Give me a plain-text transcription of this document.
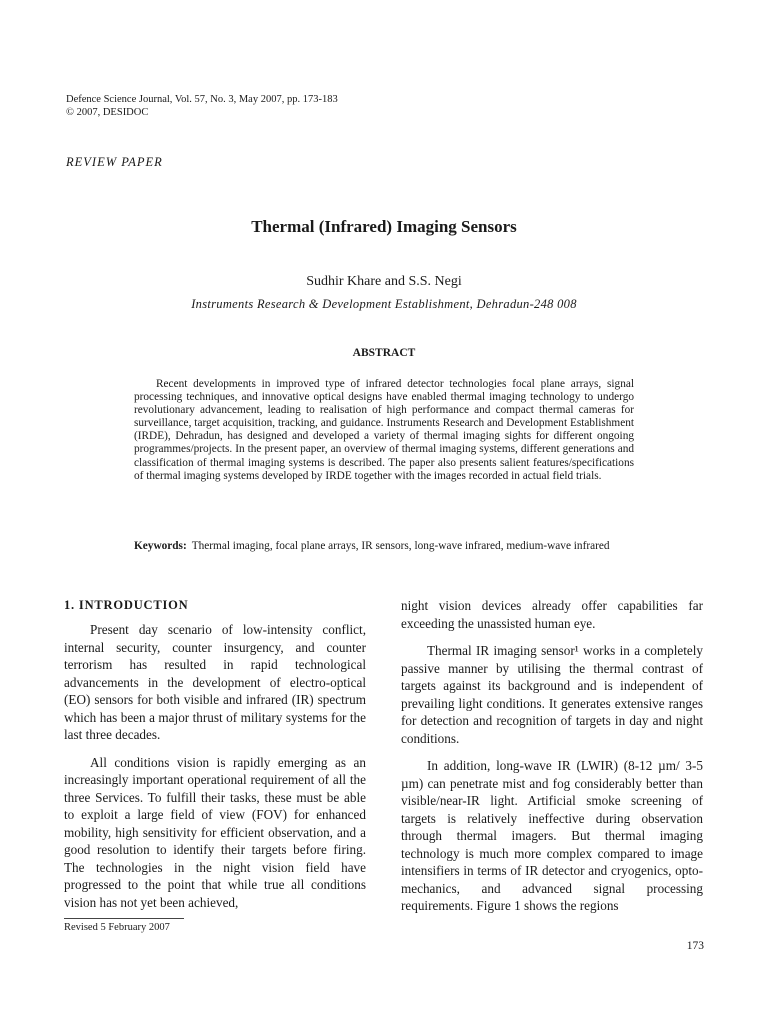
Defence Science Journal, Vol. 57, No. 3, May 2007, pp. 173-183
© 2007, DESIDOC
REVIEW PAPER
Thermal (Infrared) Imaging Sensors
Sudhir Khare and S.S. Negi
Instruments Research & Development Establishment, Dehradun-248 008
ABSTRACT

Recent developments in improved type of infrared detector technologies focal plane arrays, signal processing techniques, and innovative optical designs have enabled thermal imaging technology to undergo revolutionary advancement, leading to realisation of high performance and compact thermal cameras for surveillance, target acquisition, tracking, and guidance. Instruments Research and Development Establishment (IRDE), Dehradun, has designed and developed a variety of thermal imaging sights for different ongoing programmes/projects. In the present paper, an overview of thermal imaging systems, different generations and classification of thermal imaging systems is described. The paper also presents salient features/specifications of thermal imaging systems developed by IRDE together with the images recorded in actual field trials.

Keywords: Thermal imaging, focal plane arrays, IR sensors, long-wave infrared, medium-wave infrared
1. INTRODUCTION

Present day scenario of low-intensity conflict, internal security, counter insurgency, and counter terrorism has resulted in rapid technological advancements in the development of electro-optical (EO) sensors for both visible and infrared (IR) spectrum which has been a major thrust of military systems for the last three decades.

All conditions vision is rapidly emerging as an increasingly important operational requirement of all the three Services. To fulfill their tasks, these must be able to exploit a large field of view (FOV) for enhanced mobility, high sensitivity for efficient observation, and a good resolution to identify their targets before firing. The technologies in the night vision field have progressed to the point that while true all conditions vision has not yet been achieved,

night vision devices already offer capabilities far exceeding the unassisted human eye.

Thermal IR imaging sensor¹ works in a completely passive manner by utilising the thermal contrast of targets against its background and is independent of prevailing light conditions. It generates extensive ranges for detection and recognition of targets in day and night conditions.

In addition, long-wave IR (LWIR) (8-12 µm/ 3-5 µm) can penetrate mist and fog considerably better than visible/near-IR light. Artificial smoke screening of targets is relatively ineffective during observation through thermal imagers. But thermal imaging technology is much more complex compared to image intensifiers in terms of IR detector and cryogenics, opto-mechanics, and advanced signal processing requirements. Figure 1 shows the regions

Revised 5 February 2007
173
